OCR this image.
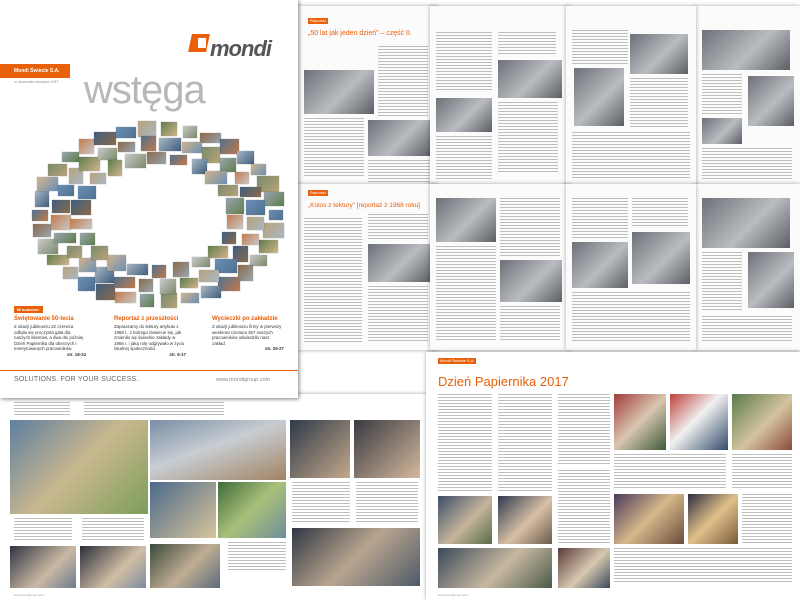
Reportaż
„50 lat jak jeden dzień” – część II.
Reportaż
„Kolos z tektury” [reportaż z 1968 roku]
www.mondigroup.com
mondi
Mondi Świecie S.A.
nr 4/czerwiec /sierpień/ 2017 wstęga
W numerze:
Świętowanie 50-lecia
Z okazji jubileuszu 22 czerwca odbyła się uroczysta gala dla naszych klientów, a dwa dni później Dzień Papiernika dla obecnych i emerytowanych pracowników.
str. 18-24
Reportaż z przeszłości
Zapraszamy do lektury artykułu z 1968 r., z którego dowiecie się, jak zmieniło się świeckie zakłady w 1966 r. i jaką rolę odgrywało w życiu lokalnej społeczności.
str. 6-17
Wycieczki po zakładzie
Z okazji jubileuszu firmy w pierwszy weekend czerwca 357 naszych pracowników odwiedziło nasz zakład.
str. 26-27
SOLUTIONS. FOR YOUR SUCCESS.	www.mondigroup.com
Mondi Świecie S.A.
Dzień Papiernika 2017
www.mondigroup.com
